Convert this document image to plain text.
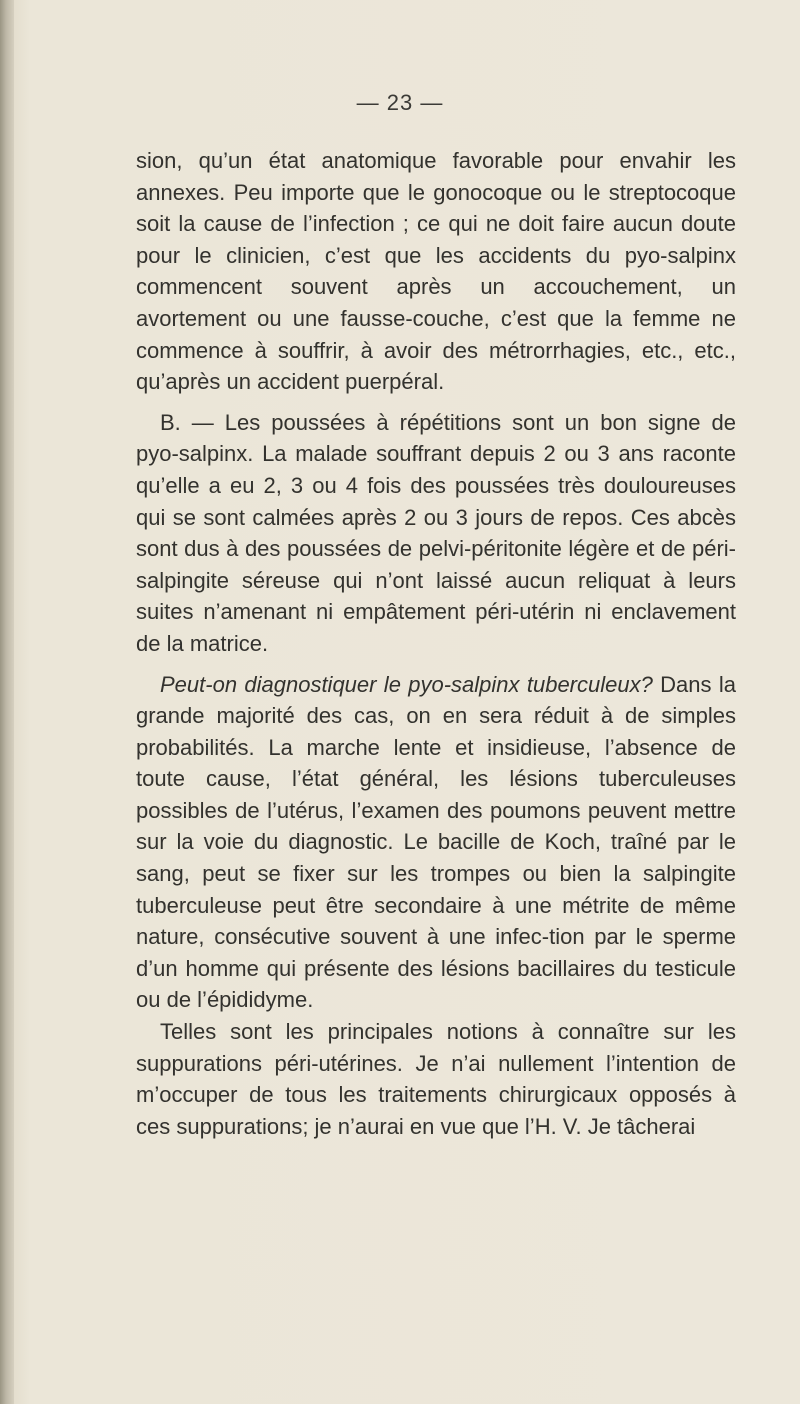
— 23 —

sion, qu’un état anatomique favorable pour envahir les annexes. Peu importe que le gonocoque ou le streptocoque soit la cause de l’infection ; ce qui ne doit faire aucun doute pour le clinicien, c’est que les accidents du pyo-salpinx commencent souvent après un accouchement, un avortement ou une fausse-couche, c’est que la femme ne commence à souffrir, à avoir des métrorrhagies, etc., etc., qu’après un accident puerpéral.

B. — Les poussées à répétitions sont un bon signe de pyo-salpinx. La malade souffrant depuis 2 ou 3 ans raconte qu’elle a eu 2, 3 ou 4 fois des poussées très douloureuses qui se sont calmées après 2 ou 3 jours de repos. Ces abcès sont dus à des poussées de pelvi-péritonite légère et de péri-salpingite séreuse qui n’ont laissé aucun reliquat à leurs suites n’amenant ni empâtement péri-utérin ni enclavement de la matrice.

Peut-on diagnostiquer le pyo-salpinx tuberculeux? Dans la grande majorité des cas, on en sera réduit à de simples probabilités. La marche lente et insidieuse, l’absence de toute cause, l’état général, les lésions tuberculeuses possibles de l’utérus, l’examen des poumons peuvent mettre sur la voie du diagnostic. Le bacille de Koch, traîné par le sang, peut se fixer sur les trompes ou bien la salpingite tuberculeuse peut être secondaire à une métrite de même nature, consécutive souvent à une infec-tion par le sperme d’un homme qui présente des lésions bacillaires du testicule ou de l’épididyme.

Telles sont les principales notions à connaître sur les suppurations péri-utérines. Je n’ai nullement l’intention de m’occuper de tous les traitements chirurgicaux opposés à ces suppurations; je n’aurai en vue que l’H. V. Je tâcherai
